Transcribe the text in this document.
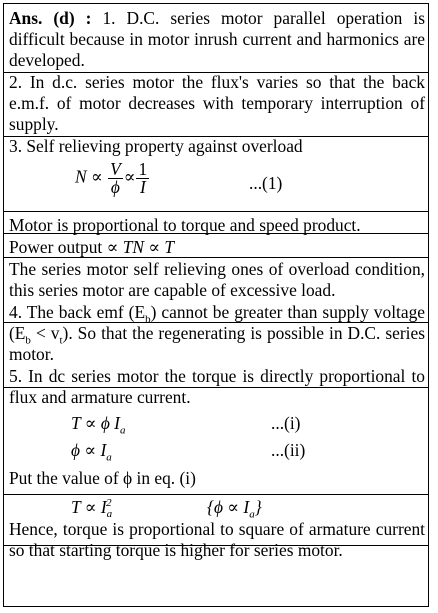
Ans. (d) : 1. D.C. series motor parallel operation is difficult because in motor inrush current and harmonics are developed.

2. In d.c. series motor the flux's varies so that the back e.m.f. of motor decreases with temporary interruption of supply.

3. Self relieving property against overload

$N \propto \frac{V}{\phi} \propto \frac{1}{I}$	...(1)

Motor is proportional to torque and speed product.

Power output ∝ TN ∝ T

The series motor self relieving ones of overload condition, this series motor are capable of excessive load.

4. The back emf $(E_b)$ cannot be greater than supply voltage $(E_b < v_t)$. So that the regenerating is possible in D.C. series motor.

5. In dc series motor the torque is directly proportional to flux and armature current.

T ∝ ϕ $I_a$	...(i)
$\phi \propto I_a$	...(ii)

Put the value of ϕ in eq. (i)

$T \propto I_a^2$	$\{\phi \propto I_a\}$

Hence, torque is proportional to square of armature current so that starting torque is higher for series motor.
